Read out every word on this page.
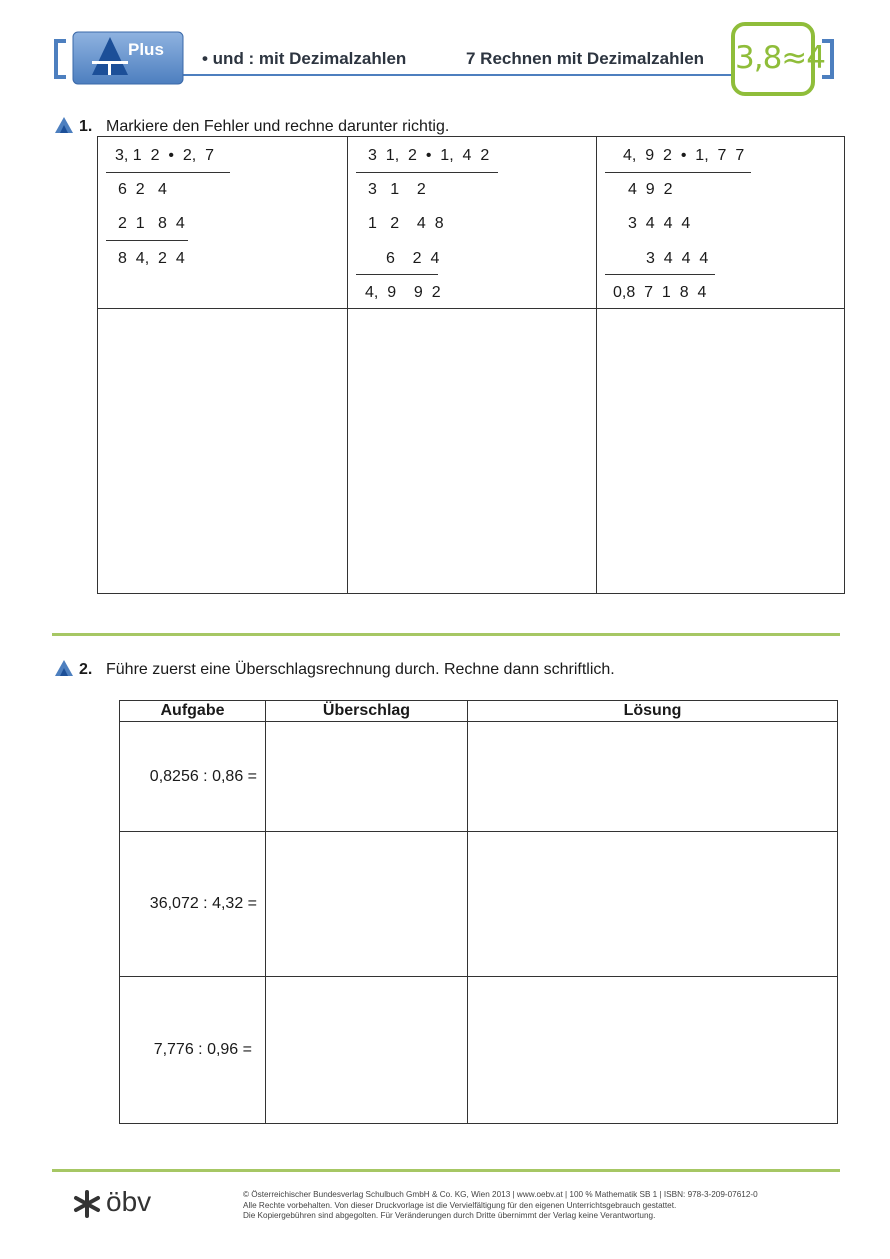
Plus • und : mit Dezimalzahlen	7 Rechnen mit Dezimalzahlen 3,8≈4
1. Markiere den Fehler und rechne darunter richtig.
3, 1  2  •  2,  7
6  2   4
2  1   8  4
8  4,  2  4
3  1,  2  •  1,  4  2
3   1    2
1   2    4  8
6    2  4
4,  9    9  2
4,  9  2  •  1,  7  7
4  9  2
3  4  4  4
3  4  4  4
0,8  7  1  8  4
2. Führe zuerst eine Überschlagsrechnung durch. Rechne dann schriftlich.
Aufgabe	Überschlag	Lösung
0,8256 : 0,86 =		
36,072 : 4,32 =		
7,776 : 0,96 =		
öbv	© Österreichischer Bundesverlag Schulbuch GmbH & Co. KG, Wien 2013 | www.oebv.at | 100 % Mathematik SB 1 | ISBN: 978-3-209-07612-0
Alle Rechte vorbehalten. Von dieser Druckvorlage ist die Vervielfältigung für den eigenen Unterrichtsgebrauch gestattet.
Die Kopiergebühren sind abgegolten. Für Veränderungen durch Dritte übernimmt der Verlag keine Verantwortung.
